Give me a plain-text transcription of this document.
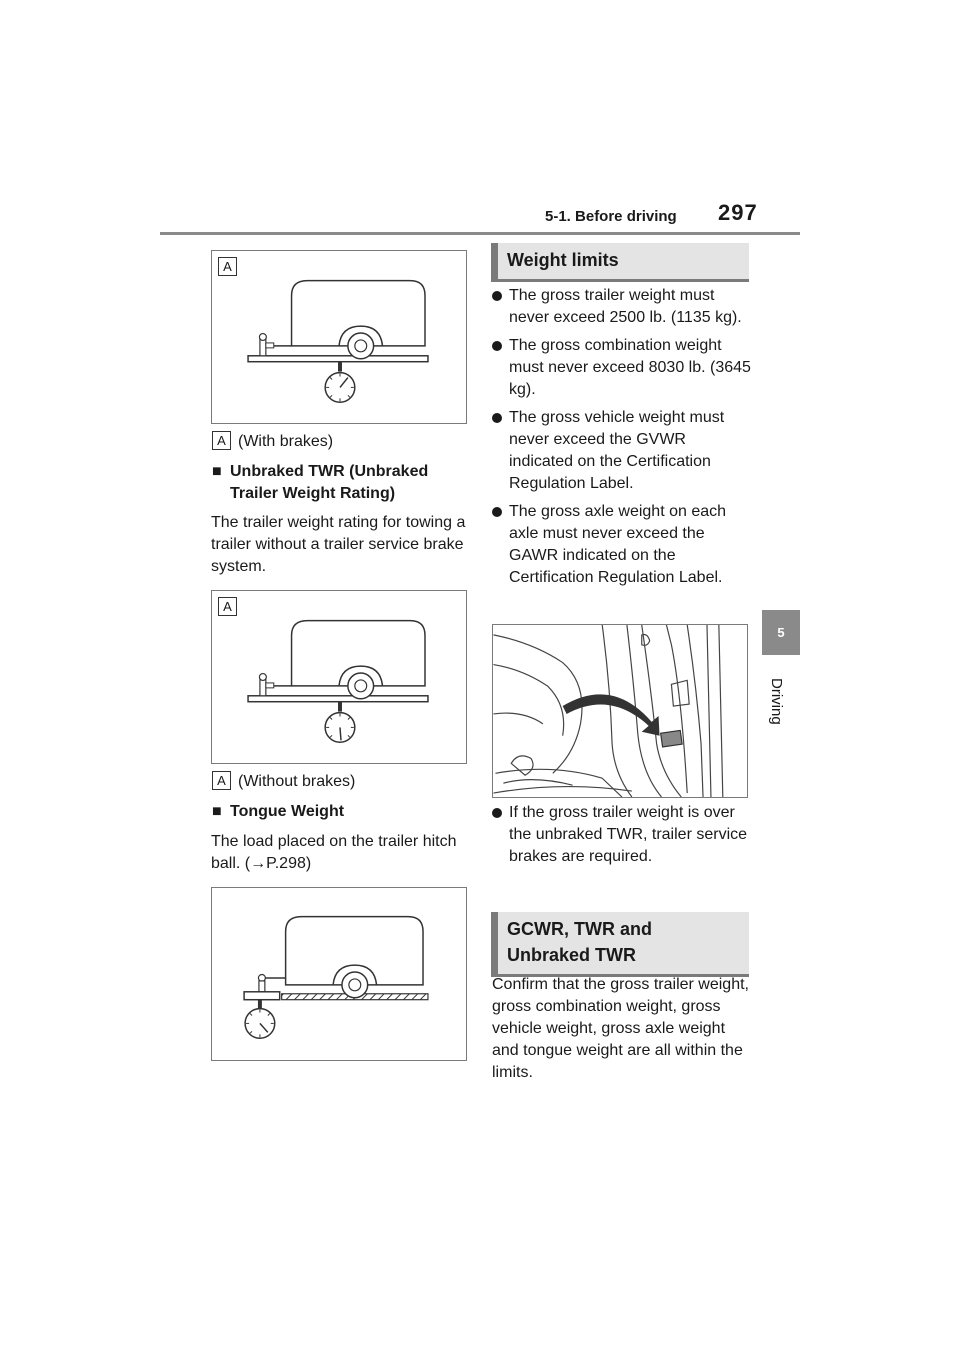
5-1. Before driving 297
5
Driving
A
A (With brakes)
■ Unbraked TWR (Unbraked Trailer Weight Rating)
The trailer weight rating for towing a trailer without a trailer service brake system.
A
A (Without brakes)
■ Tongue Weight
The load placed on the trailer hitch ball. (→P.298)
Weight limits
The gross trailer weight must never exceed 2500 lb. (1135 kg).
The gross combination weight must never exceed 8030 lb. (3645 kg).
The gross vehicle weight must never exceed the GVWR indicated on the Certification Regulation Label.
The gross axle weight on each axle must never exceed the GAWR indicated on the Certification Regulation Label.
If the gross trailer weight is over the unbraked TWR, trailer service brakes are required.
GCWR, TWR and
Unbraked TWR
Confirm that the gross trailer weight, gross combination weight, gross vehicle weight, gross axle weight and tongue weight are all within the limits.
